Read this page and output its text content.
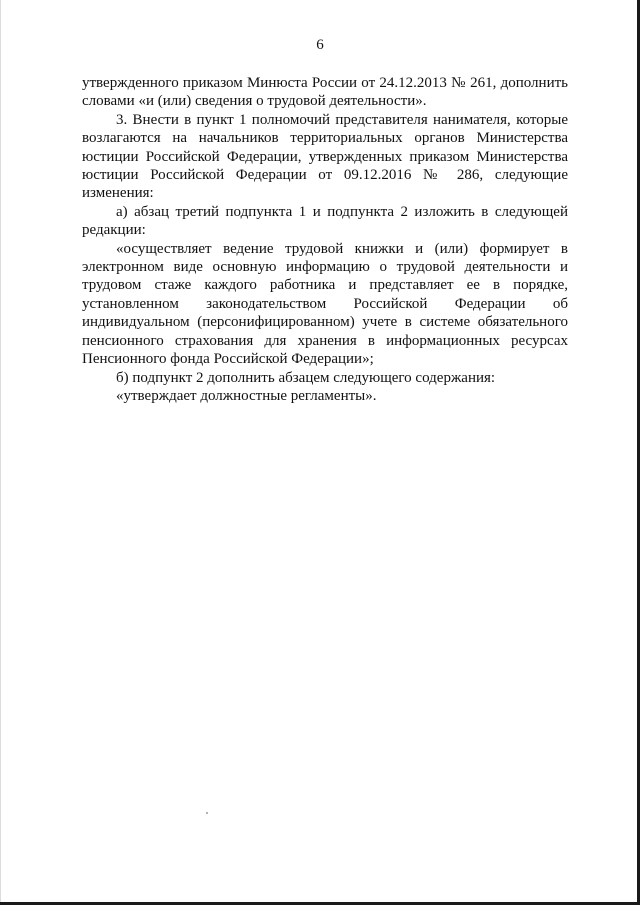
6

утвержденного приказом Минюста России от 24.12.2013 № 261, дополнить словами «и (или) сведения о трудовой деятельности».

3. Внести в пункт 1 полномочий представителя нанимателя, которые возлагаются на начальников территориальных органов Министерства юстиции Российской Федерации, утвержденных приказом Министерства юстиции Российской Федерации от 09.12.2016 № 286, следующие изменения:

а) абзац третий подпункта 1 и подпункта 2 изложить в следующей редакции:

«осуществляет ведение трудовой книжки и (или) формирует в электронном виде основную информацию о трудовой деятельности и трудовом стаже каждого работника и представляет ее в порядке, установленном законодательством Российской Федерации об индивидуальном (персонифицированном) учете в системе обязательного пенсионного страхования для хранения в информационных ресурсах Пенсионного фонда Российской Федерации»;

б) подпункт 2 дополнить абзацем следующего содержания:

«утверждает должностные регламенты».
